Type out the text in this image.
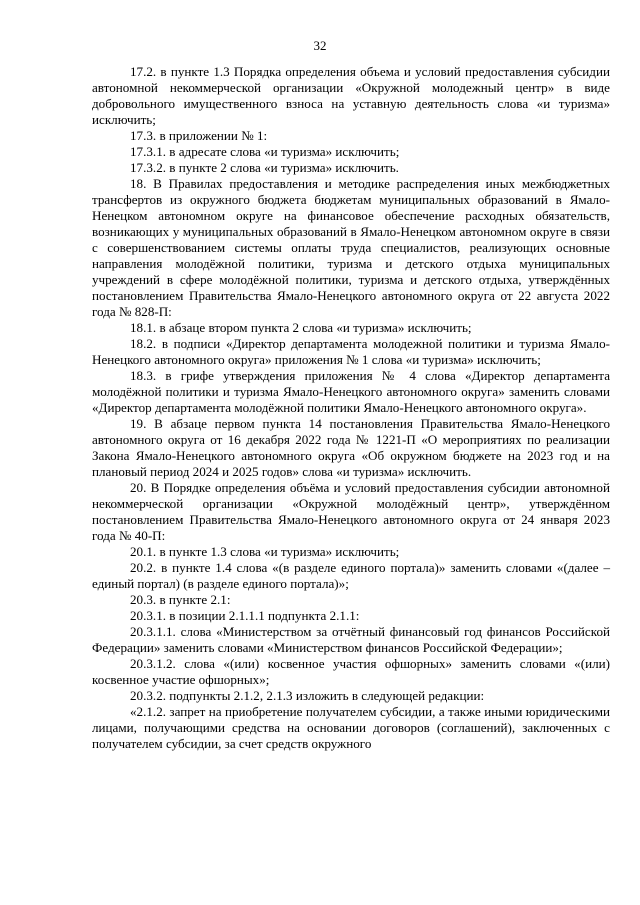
32

17.2. в пункте 1.3 Порядка определения объема и условий предоставления субсидии автономной некоммерческой организации «Окружной молодежный центр» в виде добровольного имущественного взноса на уставную деятельность слова «и туризма» исключить;

17.3. в приложении № 1:

17.3.1. в адресате слова «и туризма» исключить;

17.3.2. в пункте 2 слова «и туризма» исключить.

18. В Правилах предоставления и методике распределения иных межбюджетных трансфертов из окружного бюджета бюджетам муниципальных образований в Ямало-Ненецком автономном округе на финансовое обеспечение расходных обязательств, возникающих у муниципальных образований в Ямало-Ненецком автономном округе в связи с совершенствованием системы оплаты труда специалистов, реализующих основные направления молодёжной политики, туризма и детского отдыха муниципальных учреждений в сфере молодёжной политики, туризма и детского отдыха, утверждённых постановлением Правительства Ямало-Ненецкого автономного округа от 22 августа 2022 года № 828-П:

18.1. в абзаце втором пункта 2 слова «и туризма» исключить;

18.2. в подписи «Директор департамента молодежной политики и туризма Ямало-Ненецкого автономного округа» приложения № 1 слова «и туризма» исключить;

18.3. в грифе утверждения приложения № 4 слова «Директор департамента молодёжной политики и туризма Ямало-Ненецкого автономного округа» заменить словами «Директор департамента молодёжной политики Ямало-Ненецкого автономного округа».

19. В абзаце первом пункта 14 постановления Правительства Ямало-Ненецкого автономного округа от 16 декабря 2022 года № 1221-П «О мероприятиях по реализации Закона Ямало-Ненецкого автономного округа «Об окружном бюджете на 2023 год и на плановый период 2024 и 2025 годов» слова «и туризма» исключить.

20. В Порядке определения объёма и условий предоставления субсидии автономной некоммерческой организации «Окружной молодёжный центр», утверждённом постановлением Правительства Ямало-Ненецкого автономного округа от 24 января 2023 года № 40-П:

20.1. в пункте 1.3 слова «и туризма» исключить;

20.2. в пункте 1.4 слова «(в разделе единого портала)» заменить словами «(далее – единый портал) (в разделе единого портала)»;

20.3. в пункте 2.1:

20.3.1. в позиции 2.1.1.1 подпункта 2.1.1:

20.3.1.1. слова «Министерством за отчётный финансовый год финансов Российской Федерации» заменить словами «Министерством финансов Российской Федерации»;

20.3.1.2. слова «(или) косвенное участия офшорных» заменить словами «(или) косвенное участие офшорных»;

20.3.2. подпункты 2.1.2, 2.1.3 изложить в следующей редакции:

«2.1.2. запрет на приобретение получателем субсидии, а также иными юридическими лицами, получающими средства на основании договоров (соглашений), заключенных с получателем субсидии, за счет средств окружного
